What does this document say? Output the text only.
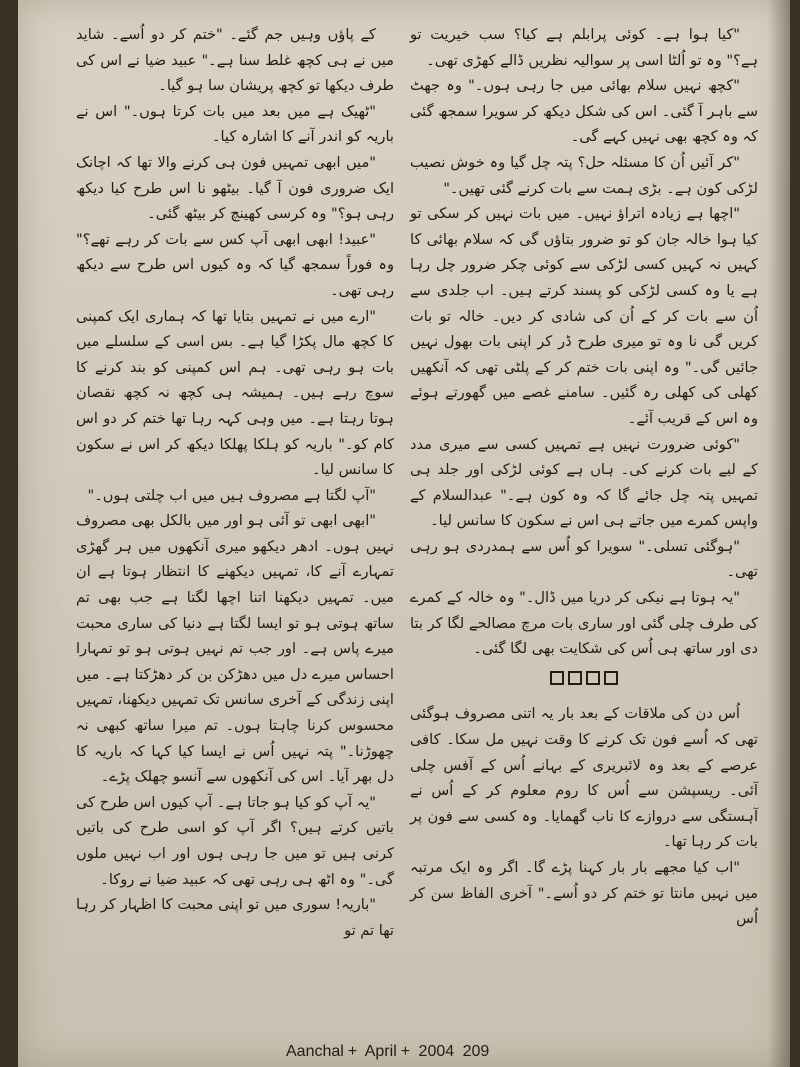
"کیا ہوا ہے۔ کوئی پرابلم ہے کیا؟ سب خیریت تو ہے؟" وہ تو اُلٹا اسی پر سوالیہ نظریں ڈالے کھڑی تھی۔

"کچھ نہیں سلام بھائی میں جا رہی ہوں۔" وہ جھٹ سے باہر آ گئی۔ اس کی شکل دیکھ کر سویرا سمجھ گئی کہ وہ کچھ بھی نہیں کہے گی۔

"کر آئیں اُن کا مسئلہ حل؟ پتہ چل گیا وہ خوش نصیب لڑکی کون ہے۔ بڑی ہمت سے بات کرنے گئی تھیں۔"

"اچھا ہے زیادہ اتراؤ نہیں۔ میں بات نہیں کر سکی تو کیا ہوا خالہ جان کو تو ضرور بتاؤں گی کہ سلام بھائی کا کہیں نہ کہیں کسی لڑکی سے کوئی چکر ضرور چل رہا ہے یا وہ کسی لڑکی کو پسند کرتے ہیں۔ اب جلدی سے اُن سے بات کر کے اُن کی شادی کر دیں۔ خالہ تو بات کریں گی نا وہ تو میری طرح ڈر کر اپنی بات بھول نہیں جائیں گی۔" وہ اپنی بات ختم کر کے پلٹی تھی کہ آنکھیں کھلی کی کھلی رہ گئیں۔ سامنے غصے میں گھورتے ہوئے وہ اس کے قریب آئے۔

"کوئی ضرورت نہیں ہے تمہیں کسی سے میری مدد کے لیے بات کرنے کی۔ ہاں ہے کوئی لڑکی اور جلد ہی تمہیں پتہ چل جائے گا کہ وہ کون ہے۔" عبدالسلام کے واپس کمرے میں جاتے ہی اس نے سکون کا سانس لیا۔

"ہوگئی تسلی۔" سویرا کو اُس سے ہمدردی ہو رہی تھی۔

"یہ ہوتا ہے نیکی کر دریا میں ڈال۔" وہ خالہ کے کمرے کی طرف چلی گئی اور ساری بات مرچ مصالحے لگا کر بتا دی اور ساتھ ہی اُس کی شکایت بھی لگا گئی۔

اُس دن کی ملاقات کے بعد بار یہ اتنی مصروف ہوگئی تھی کہ اُسے فون تک کرنے کا وقت نہیں مل سکا۔ کافی عرصے کے بعد وہ لائبریری کے بہانے اُس کے آفس چلی آئی۔ ریسپشن سے اُس کا روم معلوم کر کے اُس نے آہستگی سے دروازے کا ناب گھمایا۔ وہ کسی سے فون پر بات کر رہا تھا۔

"اب کیا مجھے بار بار کہنا پڑے گا۔ اگر وہ ایک مرتبہ میں نہیں مانتا تو ختم کر دو اُسے۔" آخری الفاظ سن کر اُس

کے پاؤں وہیں جم گئے۔ "ختم کر دو اُسے۔ شاید میں نے ہی کچھ غلط سنا ہے۔" عبید ضیا نے اس کی طرف دیکھا تو کچھ پریشان سا ہو گیا۔

"ٹھیک ہے میں بعد میں بات کرتا ہوں۔" اس نے باریہ کو اندر آنے کا اشارہ کیا۔

"میں ابھی تمہیں فون ہی کرنے والا تھا کہ اچانک ایک ضروری فون آ گیا۔ بیٹھو نا اس طرح کیا دیکھ رہی ہو؟" وہ کرسی کھینچ کر بیٹھ گئی۔

"عبید! ابھی ابھی آپ کس سے بات کر رہے تھے؟" وہ فوراً سمجھ گیا کہ وہ کیوں اس طرح سے دیکھ رہی تھی۔

"ارے میں نے تمہیں بتایا تھا کہ ہماری ایک کمپنی کا کچھ مال پکڑا گیا ہے۔ بس اسی کے سلسلے میں بات ہو رہی تھی۔ ہم اس کمپنی کو بند کرنے کا سوچ رہے ہیں۔ ہمیشہ ہی کچھ نہ کچھ نقصان ہوتا رہتا ہے۔ میں وہی کہہ رہا تھا ختم کر دو اس کام کو۔" باریہ کو ہلکا پھلکا دیکھ کر اس نے سکون کا سانس لیا۔

"آپ لگتا ہے مصروف ہیں میں اب چلتی ہوں۔"

"ابھی ابھی تو آئی ہو اور میں بالکل بھی مصروف نہیں ہوں۔ ادھر دیکھو میری آنکھوں میں ہر گھڑی تمہارے آنے کا، تمہیں دیکھنے کا انتظار ہوتا ہے ان میں۔ تمہیں دیکھنا اتنا اچھا لگتا ہے جب بھی تم ساتھ ہوتی ہو تو ایسا لگتا ہے دنیا کی ساری محبت میرے پاس ہے۔ اور جب تم نہیں ہوتی ہو تو تمہارا احساس میرے دل میں دھڑکن بن کر دھڑکتا ہے۔ میں اپنی زندگی کے آخری سانس تک تمہیں دیکھنا، تمہیں محسوس کرنا چاہتا ہوں۔ تم میرا ساتھ کبھی نہ چھوڑنا۔" پتہ نہیں اُس نے ایسا کیا کہا کہ باریہ کا دل بھر آیا۔ اس کی آنکھوں سے آنسو چھلک پڑے۔

"یہ آپ کو کیا ہو جاتا ہے۔ آپ کیوں اس طرح کی باتیں کرتے ہیں؟ اگر آپ کو اسی طرح کی باتیں کرنی ہیں تو میں جا رہی ہوں اور اب نہیں ملوں گی۔" وہ اٹھ ہی رہی تھی کہ عبید ضیا نے روکا۔

"باریہ! سوری میں تو اپنی محبت کا اظہار کر رہا تھا تم تو

Aanchal + April + 2004 209
